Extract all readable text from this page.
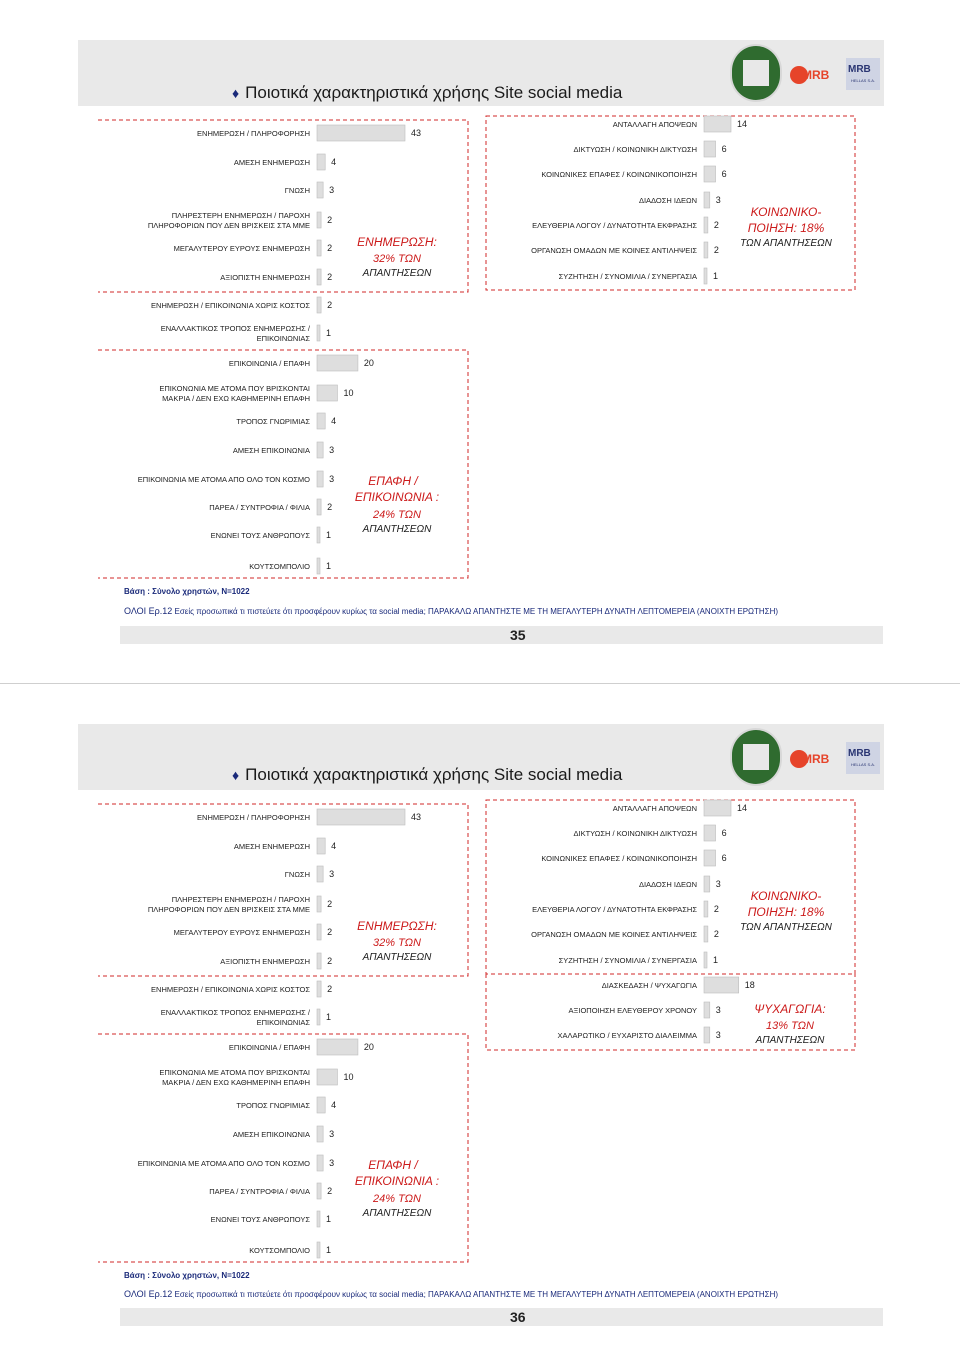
MRB MRB
HELLAS S.A.
♦ Ποιοτικά χαρακτηριστικά χρήσης Site social media
43
ΕΝΗΜΕΡΩΣΗ / ΠΛΗΡΟΦΟΡΗΣΗ
4
ΑΜΕΣΗ ΕΝΗΜΕΡΩΣΗ
3
ΓΝΩΣΗ
2
ΠΛΗΡΕΣΤΕΡΗ ΕΝΗΜΕΡΩΣΗ / ΠΑΡΟΧΗ
ΠΛΗΡΟΦΟΡΙΩΝ ΠΟΥ ΔΕΝ ΒΡΙΣΚΕΙΣ ΣΤΑ ΜΜΕ
2
ΜΕΓΑΛΥΤΕΡΟΥ ΕΥΡΟΥΣ ΕΝΗΜΕΡΩΣΗ
2
ΑΞΙΟΠΙΣΤΗ ΕΝΗΜΕΡΩΣΗ
2
ΕΝΗΜΕΡΩΣΗ / ΕΠΙΚΟΙΝΩΝΙΑ ΧΩΡΙΣ ΚΟΣΤΟΣ
1
ΕΝΑΛΛΑΚΤΙΚΟΣ ΤΡΟΠΟΣ ΕΝΗΜΕΡΩΣΗΣ /
ΕΠΙΚΟΙΝΩΝΙΑΣ
20
ΕΠΙΚΟΙΝΩΝΙΑ / ΕΠΑΦΗ
10
ΕΠΙΚΟΝΩΝΙΑ ΜΕ ΑΤΟΜΑ ΠΟΥ ΒΡΙΣΚΟΝΤΑΙ
ΜΑΚΡΙΑ / ΔΕΝ ΕΧΩ ΚΑΘΗΜΕΡΙΝΗ ΕΠΑΦΗ
4
ΤΡΟΠΟΣ ΓΝΩΡΙΜΙΑΣ
3
ΑΜΕΣΗ ΕΠΙΚΟΙΝΩΝΙΑ
3
ΕΠΙΚΟΙΝΩΝΙΑ ΜΕ ΑΤΟΜΑ ΑΠΟ ΟΛΟ ΤΟΝ ΚΟΣΜΟ
2
ΠΑΡΕΑ / ΣΥΝΤΡΟΦΙΑ / ΦΙΛΙΑ
1
ΕΝΩΝΕΙ ΤΟΥΣ ΑΝΘΡΩΠΟΥΣ
1
ΚΟΥΤΣΟΜΠΟΛΙΟ
ΕΝΗΜΕΡΩΣΗ:
32% ΤΩΝ
ΑΠΑΝΤΗΣΕΩΝ
ΕΠΑΦΗ /
ΕΠΙΚΟΙΝΩΝΙΑ :
24% ΤΩΝ
ΑΠΑΝΤΗΣΕΩΝ
14
ΑΝΤΑΛΛΑΓΗ ΑΠΟΨΕΩΝ
6
ΔΙΚΤΥΩΣΗ / ΚΟΙΝΩΝΙΚΗ ΔΙΚΤΥΩΣΗ
6
ΚΟΙΝΩΝΙΚΕΣ ΕΠΑΦΕΣ / ΚΟΙΝΩΝΙΚΟΠΟΙΗΣΗ
3
ΔΙΑΔΟΣΗ ΙΔΕΩΝ
2
ΕΛΕΥΘΕΡΙΑ ΛΟΓΟΥ / ΔΥΝΑΤΟΤΗΤΑ ΕΚΦΡΑΣΗΣ
2
ΟΡΓΑΝΩΣΗ ΟΜΑΔΩΝ ΜΕ ΚΟΙΝΕΣ ΑΝΤΙΛΗΨΕΙΣ
1
ΣΥΖΗΤΗΣΗ / ΣΥΝΟΜΙΛΙΑ / ΣΥΝΕΡΓΑΣΙΑ
ΚΟΙΝΩΝΙΚΟ-
ΠΟΙΗΣΗ: 18%
ΤΩΝ ΑΠΑΝΤΗΣΕΩΝ
Βάση : Σύνολο χρηστών, N=1022
ΟΛΟΙ Ερ.12 Εσείς προσωπικά τι πιστεύετε ότι προσφέρουν κυρίως τα social media; ΠΑΡΑΚΑΛΩ ΑΠΑΝΤΗΣΤΕ ΜΕ ΤΗ ΜΕΓΑΛΥΤΕΡΗ ΔΥΝΑΤΗ ΛΕΠΤΟΜΕΡΕΙΑ (ΑΝΟΙΧΤΗ ΕΡΩΤΗΣΗ)
35
MRB MRB
HELLAS S.A.
♦ Ποιοτικά χαρακτηριστικά χρήσης Site social media
43
ΕΝΗΜΕΡΩΣΗ / ΠΛΗΡΟΦΟΡΗΣΗ
4
ΑΜΕΣΗ ΕΝΗΜΕΡΩΣΗ
3
ΓΝΩΣΗ
2
ΠΛΗΡΕΣΤΕΡΗ ΕΝΗΜΕΡΩΣΗ / ΠΑΡΟΧΗ
ΠΛΗΡΟΦΟΡΙΩΝ ΠΟΥ ΔΕΝ ΒΡΙΣΚΕΙΣ ΣΤΑ ΜΜΕ
2
ΜΕΓΑΛΥΤΕΡΟΥ ΕΥΡΟΥΣ ΕΝΗΜΕΡΩΣΗ
2
ΑΞΙΟΠΙΣΤΗ ΕΝΗΜΕΡΩΣΗ
2
ΕΝΗΜΕΡΩΣΗ / ΕΠΙΚΟΙΝΩΝΙΑ ΧΩΡΙΣ ΚΟΣΤΟΣ
1
ΕΝΑΛΛΑΚΤΙΚΟΣ ΤΡΟΠΟΣ ΕΝΗΜΕΡΩΣΗΣ /
ΕΠΙΚΟΙΝΩΝΙΑΣ
20
ΕΠΙΚΟΙΝΩΝΙΑ / ΕΠΑΦΗ
10
ΕΠΙΚΟΝΩΝΙΑ ΜΕ ΑΤΟΜΑ ΠΟΥ ΒΡΙΣΚΟΝΤΑΙ
ΜΑΚΡΙΑ / ΔΕΝ ΕΧΩ ΚΑΘΗΜΕΡΙΝΗ ΕΠΑΦΗ
4
ΤΡΟΠΟΣ ΓΝΩΡΙΜΙΑΣ
3
ΑΜΕΣΗ ΕΠΙΚΟΙΝΩΝΙΑ
3
ΕΠΙΚΟΙΝΩΝΙΑ ΜΕ ΑΤΟΜΑ ΑΠΟ ΟΛΟ ΤΟΝ ΚΟΣΜΟ
2
ΠΑΡΕΑ / ΣΥΝΤΡΟΦΙΑ / ΦΙΛΙΑ
1
ΕΝΩΝΕΙ ΤΟΥΣ ΑΝΘΡΩΠΟΥΣ
1
ΚΟΥΤΣΟΜΠΟΛΙΟ
ΕΝΗΜΕΡΩΣΗ:
32% ΤΩΝ
ΑΠΑΝΤΗΣΕΩΝ
ΕΠΑΦΗ /
ΕΠΙΚΟΙΝΩΝΙΑ :
24% ΤΩΝ
ΑΠΑΝΤΗΣΕΩΝ
14
ΑΝΤΑΛΛΑΓΗ ΑΠΟΨΕΩΝ
6
ΔΙΚΤΥΩΣΗ / ΚΟΙΝΩΝΙΚΗ ΔΙΚΤΥΩΣΗ
6
ΚΟΙΝΩΝΙΚΕΣ ΕΠΑΦΕΣ / ΚΟΙΝΩΝΙΚΟΠΟΙΗΣΗ
3
ΔΙΑΔΟΣΗ ΙΔΕΩΝ
2
ΕΛΕΥΘΕΡΙΑ ΛΟΓΟΥ / ΔΥΝΑΤΟΤΗΤΑ ΕΚΦΡΑΣΗΣ
2
ΟΡΓΑΝΩΣΗ ΟΜΑΔΩΝ ΜΕ ΚΟΙΝΕΣ ΑΝΤΙΛΗΨΕΙΣ
1
ΣΥΖΗΤΗΣΗ / ΣΥΝΟΜΙΛΙΑ / ΣΥΝΕΡΓΑΣΙΑ
18
ΔΙΑΣΚΕΔΑΣΗ / ΨΥΧΑΓΩΓΙΑ
3
ΑΞΙΟΠΟΙΗΣΗ ΕΛΕΥΘΕΡΟΥ ΧΡΟΝΟΥ
3
ΧΑΛΑΡΩΤΙΚΟ / ΕΥΧΑΡΙΣΤΟ ΔΙΑΛΕΙΜΜΑ
ΚΟΙΝΩΝΙΚΟ-
ΠΟΙΗΣΗ: 18%
ΤΩΝ ΑΠΑΝΤΗΣΕΩΝ
ΨΥΧΑΓΩΓΙΑ:
13% ΤΩΝ
ΑΠΑΝΤΗΣΕΩΝ
Βάση : Σύνολο χρηστών, N=1022
ΟΛΟΙ Ερ.12 Εσείς προσωπικά τι πιστεύετε ότι προσφέρουν κυρίως τα social media; ΠΑΡΑΚΑΛΩ ΑΠΑΝΤΗΣΤΕ ΜΕ ΤΗ ΜΕΓΑΛΥΤΕΡΗ ΔΥΝΑΤΗ ΛΕΠΤΟΜΕΡΕΙΑ (ΑΝΟΙΧΤΗ ΕΡΩΤΗΣΗ)
36
